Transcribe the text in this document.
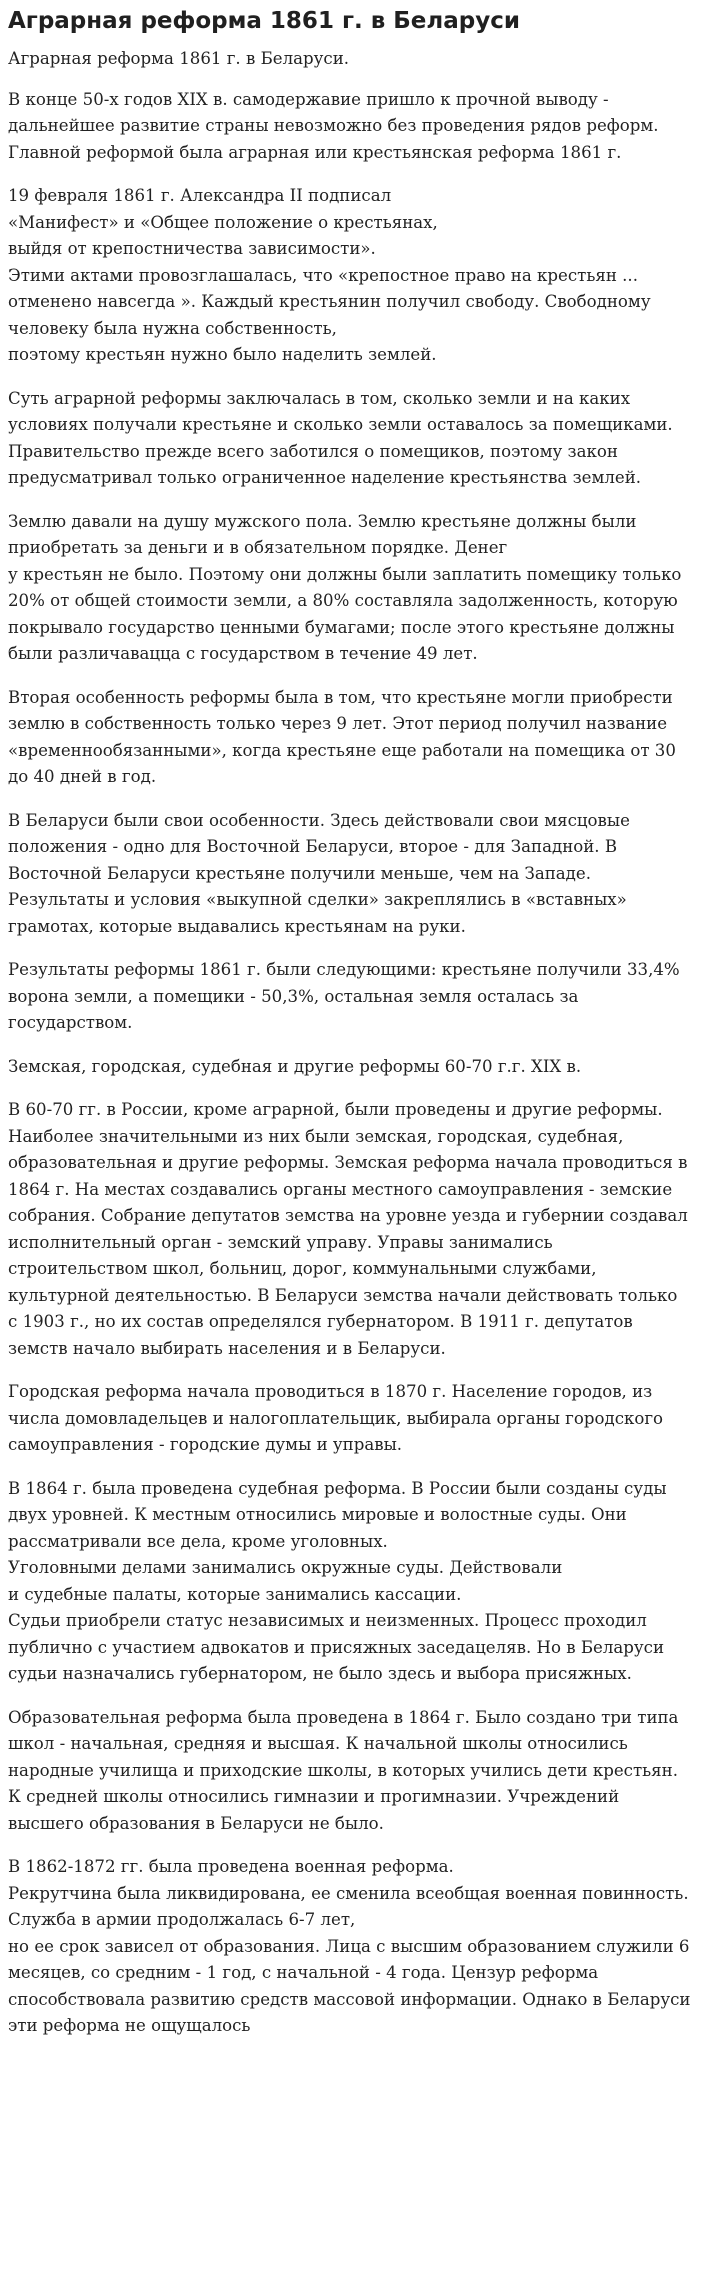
Аграрная реформа 1861 г. в Беларуси

Аграрная реформа 1861 г. в Беларуси.

В конце 50-х годов XIX в. самодержавие пришло к прочной выводу - дальнейшее развитие страны невозможно без проведения рядов реформ. Главной реформой была аграрная или крестьянская реформа 1861 г.

19 февраля 1861 г. Александра II подписал
«Манифест» и «Общее положение о крестьянах,
выйдя от крепостничества зависимости».
Этими актами провозглашалась, что «крепостное право на крестьян ... отменено навсегда ». Каждый крестьянин получил свободу. Свободному человеку была нужна собственность,
поэтому крестьян нужно было наделить землей.

Суть аграрной реформы заключалась в том, сколько земли и на каких условиях получали крестьяне и сколько земли оставалось за помещиками. Правительство прежде всего заботился о помещиков, поэтому закон предусматривал только ограниченное наделение крестьянства землей.

Землю давали на душу мужского пола. Землю крестьяне должны были приобретать за деньги и в обязательном порядке. Денег
у крестьян не было. Поэтому они должны были заплатить помещику только 20% от общей стоимости земли, а 80% составляла задолженность, которую покрывало государство ценными бумагами; после этого крестьяне должны были различавацца с государством в течение 49 лет.

Вторая особенность реформы была в том, что крестьяне могли приобрести землю в собственность только через 9 лет. Этот период получил название «временнообязанными», когда крестьяне еще работали на помещика от 30 до 40 дней в год.

В Беларуси были свои особенности. Здесь действовали свои мясцовые положения - одно для Восточной Беларуси, второе - для Западной. В Восточной Беларуси крестьяне получили меньше, чем на Западе. Результаты и условия «выкупной сделки» закреплялись в «вставных» грамотах, которые выдавались крестьянам на руки.

Результаты реформы 1861 г. были следующими: крестьяне получили 33,4% ворона земли, а помещики - 50,3%, остальная земля осталась за государством.

Земская, городская, судебная и другие реформы 60-70 г.г. XIX в.

В 60-70 гг. в России, кроме аграрной, были проведены и другие реформы. Наиболее значительными из них были земская, городская, судебная, образовательная и другие реформы. Земская реформа начала проводиться в 1864 г. На местах создавались органы местного самоуправления - земские собрания. Собрание депутатов земства на уровне уезда и губернии создавал исполнительный орган - земский управу. Управы занимались строительством школ, больниц, дорог, коммунальными службами, культурной деятельностью. В Беларуси земства начали действовать только с 1903 г., но их состав определялся губернатором. В 1911 г. депутатов земств начало выбирать населения и в Беларуси.

Городская реформа начала проводиться в 1870 г. Население городов, из числа домовладельцев и налогоплательщик, выбирала органы городского самоуправления - городские думы и управы.

В 1864 г. была проведена судебная реформа. В России были созданы суды двух уровней. К местным относились мировые и волостные суды. Они рассматривали все дела, кроме уголовных.
Уголовными делами занимались окружные суды. Действовали
и судебные палаты, которые занимались кассации.
Судьи приобрели статус независимых и неизменных. Процесс проходил публично с участием адвокатов и присяжных заседацеляв. Но в Беларуси судьи назначались губернатором, не было здесь и выбора присяжных.

Образовательная реформа была проведена в 1864 г. Было создано три типа школ - начальная, средняя и высшая. К начальной школы относились народные училища и приходские школы, в которых учились дети крестьян. К средней школы относились гимназии и прогимназии. Учреждений высшего образования в Беларуси не было.

В 1862-1872 гг. была проведена военная реформа.
Рекрутчина была ликвидирована, ее сменила всеобщая военная повинность. Служба в армии продолжалась 6-7 лет,
но ее срок зависел от образования. Лица с высшим образованием служили 6 месяцев, со средним - 1 год, с начальной - 4 года. Цензур реформа способствовала развитию средств массовой информации. Однако в Беларуси эти реформа не ощущалось
